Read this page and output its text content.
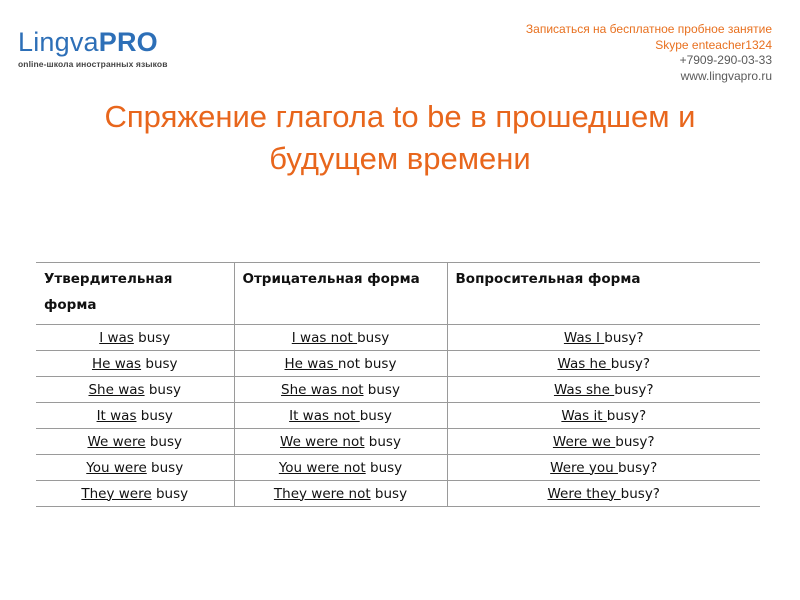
LingvaPRO
online-школа иностранных языков
Записаться на бесплатное пробное занятие
Skype enteacher1324
+7909-290-03-33
www.lingvapro.ru
Спряжение глагола to be в прошедшем и
будущем времени
Утвердительная форма	Отрицательная форма	Вопросительная форма
I was busy	I was not busy	Was I busy?
He was busy	He was not busy	Was he busy?
She was busy	She was not busy	Was she busy?
It was busy	It was not busy	Was it busy?
We were busy	We were not busy	Were we busy?
You were busy	You were not busy	Were you busy?
They were busy	They were not busy	Were they busy?
